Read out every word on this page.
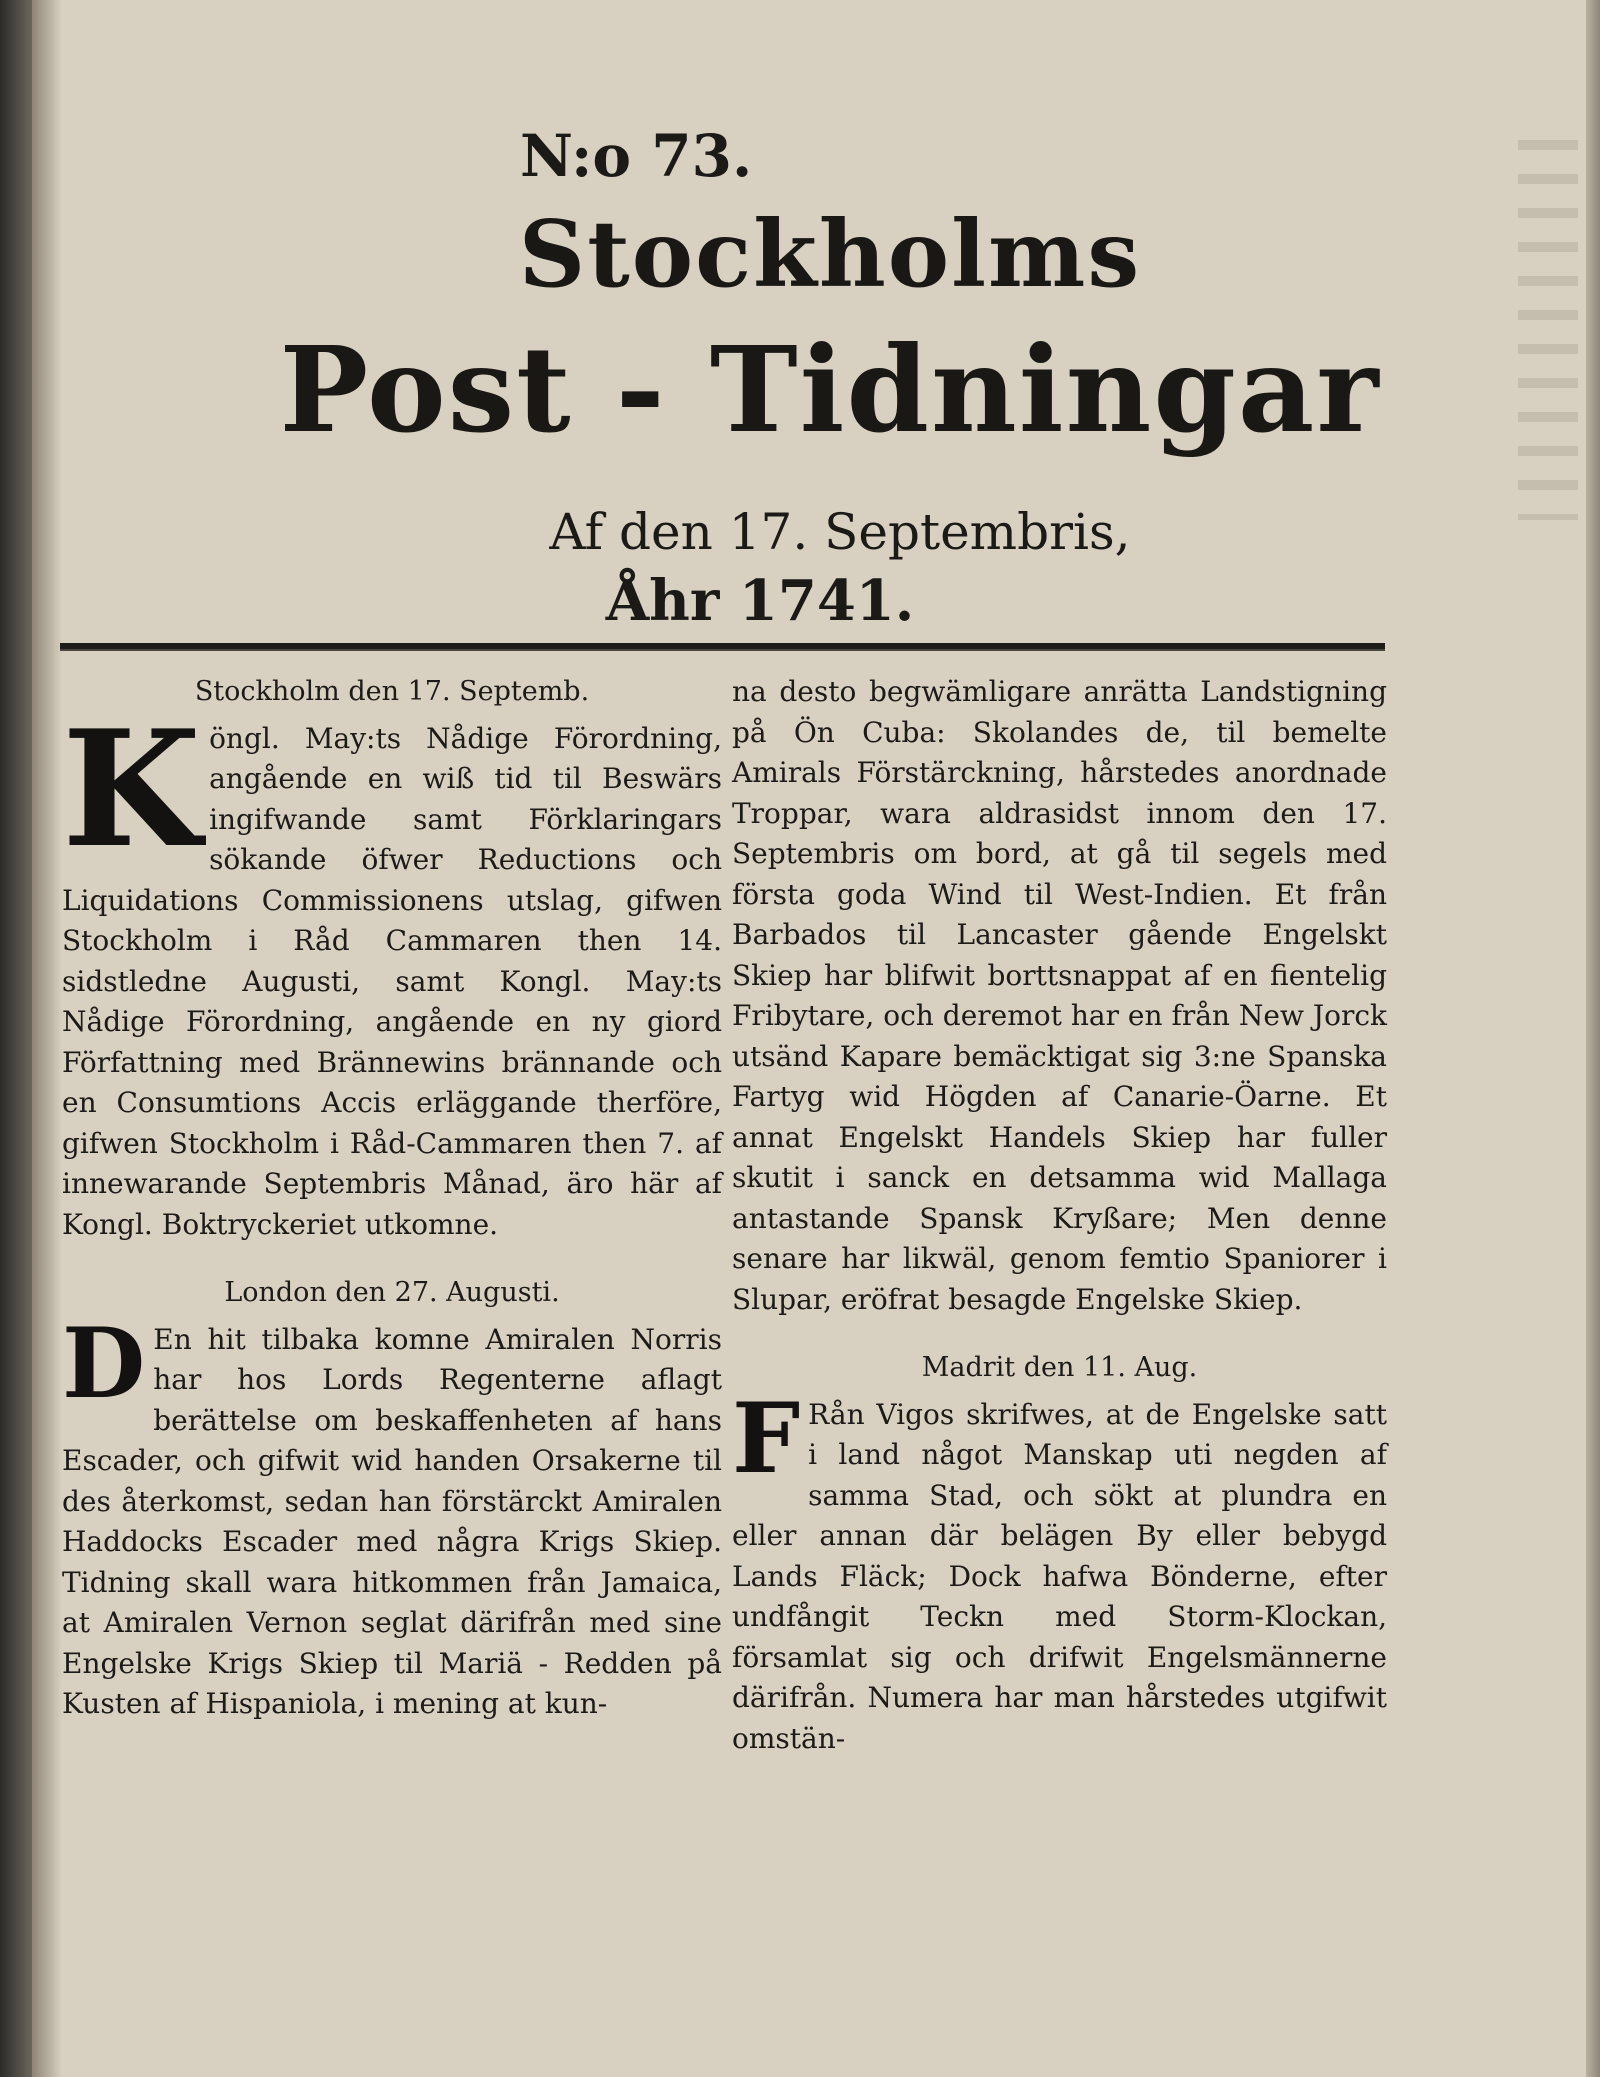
N:o 73.
Stockholms
Post - Tidningar
Af den 17. Septembris,
Åhr 1741.
Stockholm den 17. Septemb.
K öngl. May:ts Nådige Förordning, angående en wiß tid til Beswärs ingifwande samt Förklaringars sökande öfwer Reductions och Liquidations Commissionens utslag, gifwen Stockholm i Råd Cammaren then 14. sidstledne Augusti, samt Kongl. May:ts Nådige Förordning, angående en ny giord Författning med Brännewins brännande och en Consumtions Accis erläggande therföre, gifwen Stockholm i Råd-Cammaren then 7. af innewarande Septembris Månad, äro här af Kongl. Boktryckeriet utkomne.
London den 27. Augusti.
D En hit tilbaka komne Amiralen Norris har hos Lords Regenterne aflagt berättelse om beskaffenheten af hans Escader, och gifwit wid handen Orsakerne til des återkomst, sedan han förstärckt Amiralen Haddocks Escader med några Krigs Skiep. Tidning skall wara hitkommen från Jamaica, at Amiralen Vernon seglat därifrån med sine Engelske Krigs Skiep til Mariä - Redden på Kusten af Hispaniola, i mening at kun-
na desto begwämligare anrätta Landstigning på Ön Cuba: Skolandes de, til bemelte Amirals Förstärckning, hårstedes anordnade Troppar, wara aldrasidst innom den 17. Septembris om bord, at gå til segels med första goda Wind til West-Indien. Et från Barbados til Lancaster gående Engelskt Skiep har blifwit borttsnappat af en fientelig Fribytare, och deremot har en från New Jorck utsänd Kapare bemäcktigat sig 3:ne Spanska Fartyg wid Högden af Canarie-Öarne. Et annat Engelskt Handels Skiep har fuller skutit i sanck en detsamma wid Mallaga antastande Spansk Kryßare; Men denne senare har likwäl, genom femtio Spaniorer i Slupar, eröfrat besagde Engelske Skiep.
Madrit den 11. Aug.
F Rån Vigos skrifwes, at de Engelske satt i land något Manskap uti negden af samma Stad, och sökt at plundra en eller annan där belägen By eller bebygd Lands Fläck; Dock hafwa Bönderne, efter undfångit Teckn med Storm-Klockan, församlat sig och drifwit Engelsmännerne därifrån. Numera har man hårstedes utgifwit omstän-
